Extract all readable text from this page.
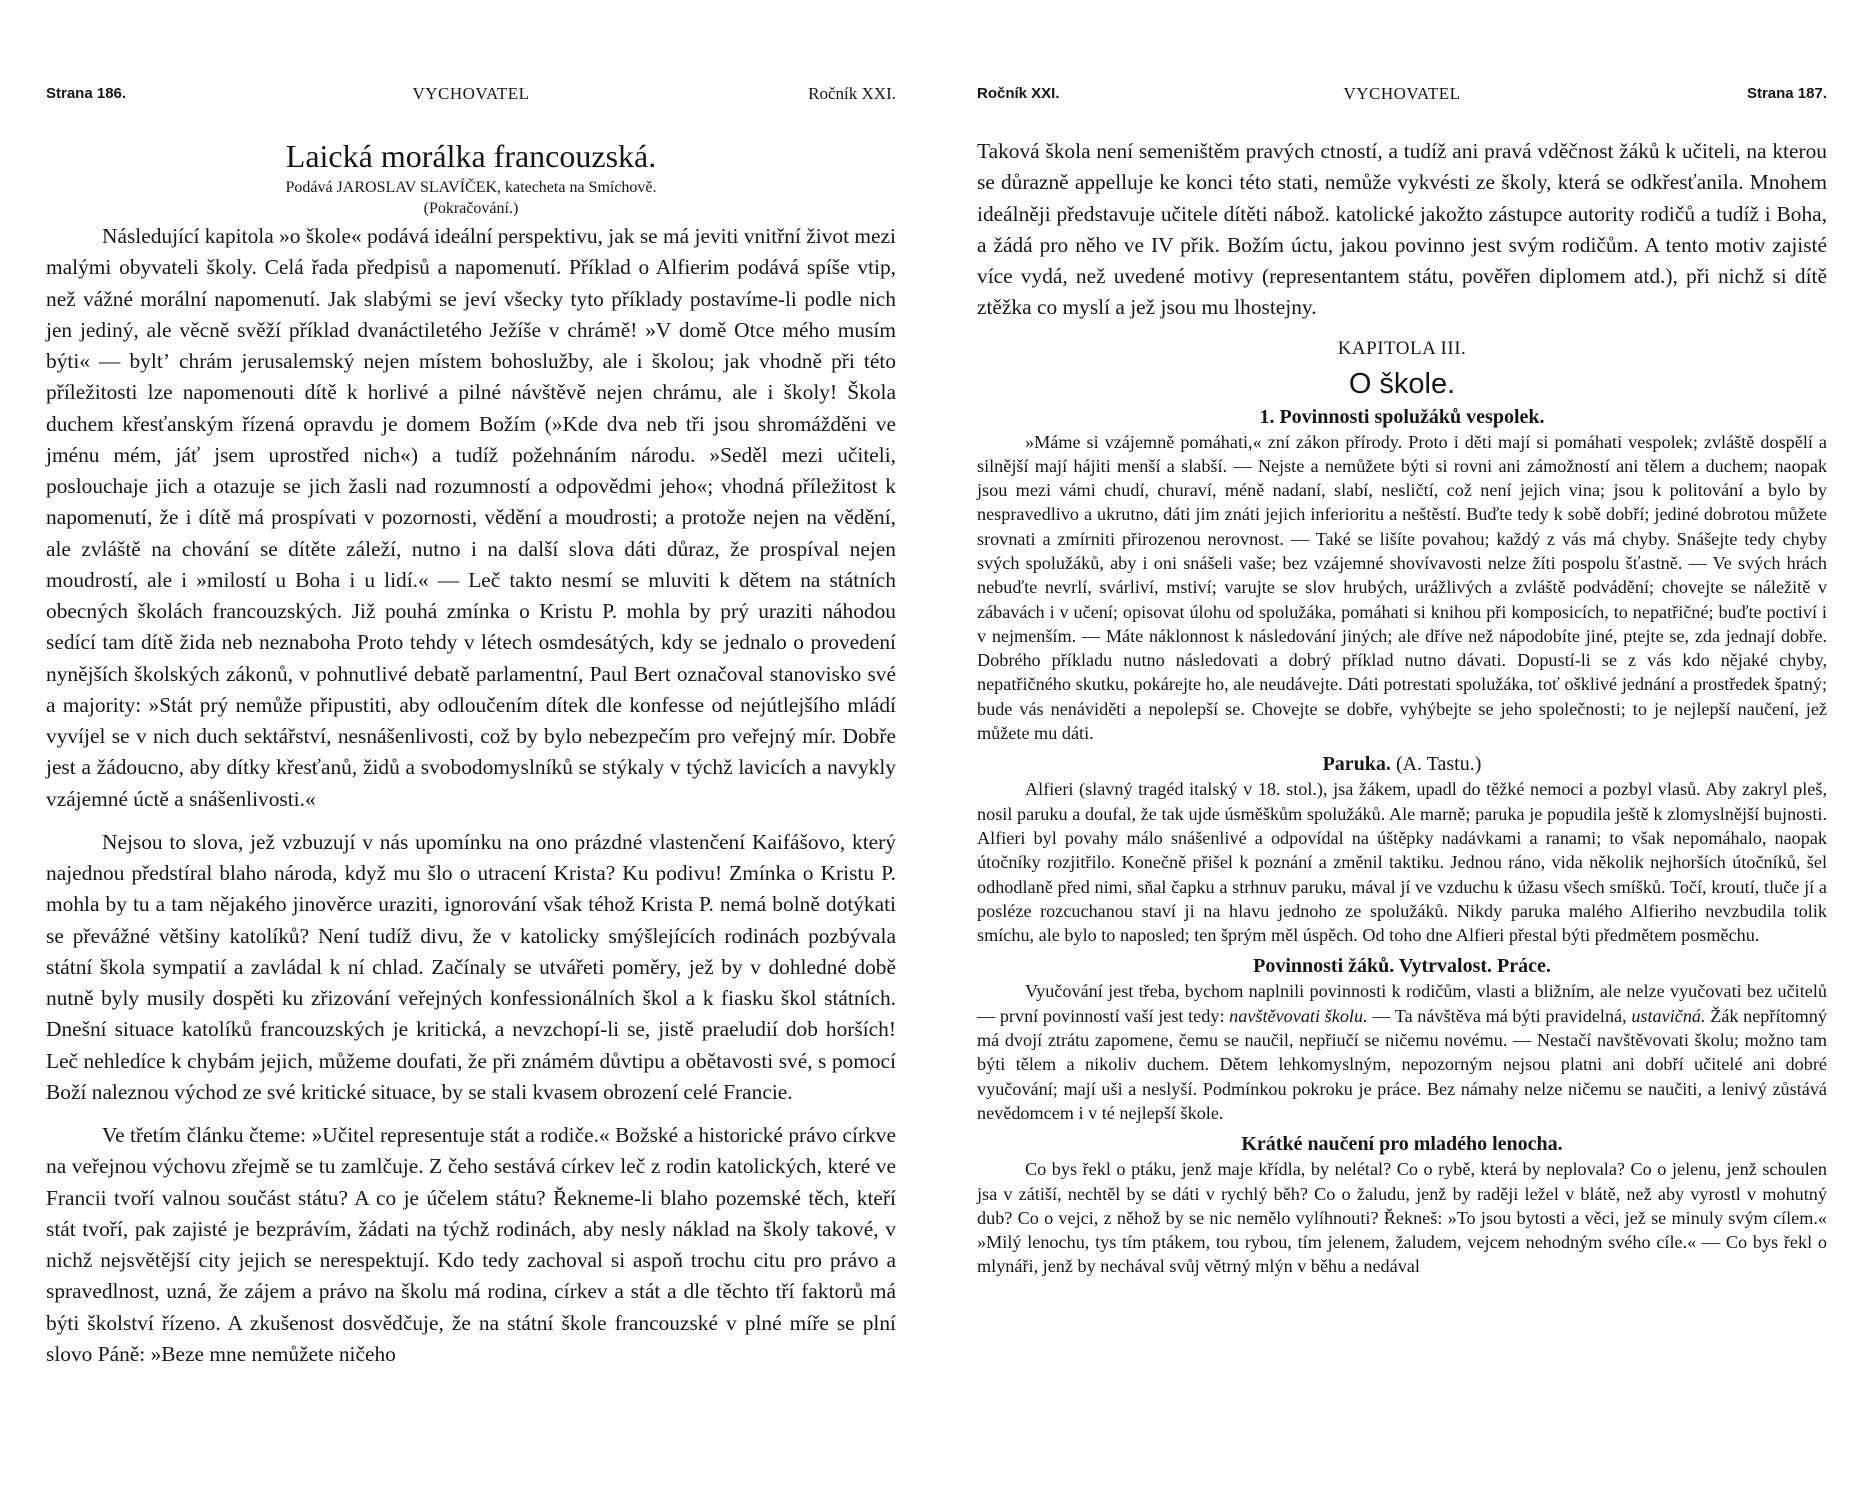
Strana 186.	VYCHOVATEL	Ročník XXI.
Laická morálka francouzská.

Podává JAROSLAV SLAVÍČEK, katecheta na Smíchově.

(Pokračování.)

Následující kapitola »o škole« podává ideální perspektivu, jak se má jeviti vnitřní život mezi malými obyvateli školy. Celá řada předpisů a napomenutí. Příklad o Alfierim podává spíše vtip, než vážné morální napomenutí. Jak slabými se jeví všecky tyto příklady postavíme-li podle nich jen jediný, ale věcně svěží příklad dvanáctiletého Ježíše v chrámě! »V domě Otce mého musím býti« — byltʼ chrám jerusalemský nejen místem bohoslužby, ale i školou; jak vhodně při této příležitosti lze napomenouti dítě k horlivé a pilné návštěvě nejen chrámu, ale i školy! Škola duchem křesťanským řízená opravdu je domem Božím (»Kde dva neb tři jsou shromážděni ve jménu mém, jáť jsem uprostřed nich«) a tudíž požehnáním národu. »Seděl mezi učiteli, poslouchaje jich a otazuje se jich žasli nad rozumností a odpovědmi jeho«; vhodná příležitost k napomenutí, že i dítě má prospívati v pozornosti, vědění a moudrosti; a protože nejen na vědění, ale zvláště na chování se dítěte záleží, nutno i na další slova dáti důraz, že prospíval nejen moudrostí, ale i »milostí u Boha i u lidí.« — Leč takto nesmí se mluviti k dětem na státních obecných školách francouzských. Již pouhá zmínka o Kristu P. mohla by prý uraziti náhodou sedící tam dítě žida neb neznaboha Proto tehdy v létech osmdesátých, kdy se jednalo o provedení nynějších školských zákonů, v pohnutlivé debatě parlamentní, Paul Bert označoval stanovisko své a majority: »Stát prý nemůže připustiti, aby odloučením dítek dle konfesse od nejútlejšího mládí vyvíjel se v nich duch sektářství, nesnášenlivosti, což by bylo nebezpečím pro veřejný mír. Dobře jest a žádoucno, aby dítky křesťanů, židů a svobodomyslníků se stýkaly v týchž lavicích a navykly vzájemné úctě a snášenlivosti.«

Nejsou to slova, jež vzbuzují v nás upomínku na ono prázdné vlastenčení Kaifášovo, který najednou předstíral blaho národa, když mu šlo o utracení Krista? Ku podivu! Zmínka o Kristu P. mohla by tu a tam nějakého jinověrce uraziti, ignorování však téhož Krista P. nemá bolně dotýkati se převážné většiny katolíků? Není tudíž divu, že v katolicky smýšlejících rodinách pozbývala státní škola sympatií a zavládal k ní chlad. Začínaly se utvářeti poměry, jež by v dohledné době nutně byly musily dospěti ku zřizování veřejných konfessionálních škol a k fiasku škol státních. Dnešní situace katolíků francouzských je kritická, a nevzchopí-li se, jistě praeludií dob horších! Leč nehledíce k chybám jejich, můžeme doufati, že při známém důvtipu a obětavosti své, s pomocí Boží naleznou východ ze své kritické situace, by se stali kvasem obrození celé Francie.

Ve třetím článku čteme: »Učitel representuje stát a rodiče.« Božské a historické právo církve na veřejnou výchovu zřejmě se tu zamlčuje. Z čeho sestává církev leč z rodin katolických, které ve Francii tvoří valnou součást státu? A co je účelem státu? Řekneme-li blaho pozemské těch, kteří stát tvoří, pak zajisté je bezprávím, žádati na týchž rodinách, aby nesly náklad na školy takové, v nichž nejsvětější city jejich se nerespektují. Kdo tedy zachoval si aspoň trochu citu pro právo a spravedlnost, uzná, že zájem a právo na školu má rodina, církev a stát a dle těchto tří faktorů má býti školství řízeno. A zkušenost dosvědčuje, že na státní škole francouzské v plné míře se plní slovo Páně: »Beze mne nemůžete ničeho

Ročník XXI.	VYCHOVATEL	Strana 187.

Taková škola není semeništěm pravých ctností, a tudíž ani pravá vděčnost žáků k učiteli, na kterou se důrazně appelluje ke konci této stati, nemůže vykvésti ze školy, která se odkřesťanila. Mnohem ideálněji představuje učitele dítěti nábož. katolické jakožto zástupce autority rodičů a tudíž i Boha, a žádá pro něho ve IV přik. Božím úctu, jakou povinno jest svým rodičům. A tento motiv zajisté více vydá, než uvedené motivy (representantem státu, pověřen diplomem atd.), při nichž si dítě ztěžka co myslí a jež jsou mu lhostejny.

KAPITOLA III.

O škole.
1. Povinnosti spolužáků vespolek.

»Máme si vzájemně pomáhati,« zní zákon přírody. Proto i děti mají si pomáhati vespolek; zvláště dospělí a silnější mají hájiti menší a slabší. — Nejste a nemůžete býti si rovni ani zámožností ani tělem a duchem; naopak jsou mezi vámi chudí, churaví, méně nadaní, slabí, nesličtí, což není jejich vina; jsou k politování a bylo by nespravedlivo a ukrutno, dáti jim znáti jejich inferioritu a neštěstí. Buďte tedy k sobě dobří; jediné dobrotou můžete srovnati a zmírniti přirozenou nerovnost. — Také se lišíte povahou; každý z vás má chyby. Snášejte tedy chyby svých spolužáků, aby i oni snášeli vaše; bez vzájemné shovívavosti nelze žíti pospolu šťastně. — Ve svých hrách nebuďte nevrlí, svárliví, mstiví; varujte se slov hrubých, urážlivých a zvláště podvádění; chovejte se náležitě v zábavách i v učení; opisovat úlohu od spolužáka, pomáhati si knihou při komposicích, to nepatřičné; buďte poctiví i v nejmenším. — Máte náklonnost k následování jiných; ale dříve než nápodobíte jiné, ptejte se, zda jednají dobře. Dobrého příkladu nutno následovati a dobrý příklad nutno dávati. Dopustí-li se z vás kdo nějaké chyby, nepatřičného skutku, pokárejte ho, ale neudávejte. Dáti potrestati spolužáka, toť ošklivé jednání a prostředek špatný; bude vás nenáviděti a nepolepší se. Chovejte se dobře, vyhýbejte se jeho společnosti; to je nejlepší naučení, jež můžete mu dáti.

Paruka. (A. Tastu.)

Alfieri (slavný tragéd italský v 18. stol.), jsa žákem, upadl do těžké nemoci a pozbyl vlasů. Aby zakryl pleš, nosil paruku a doufal, že tak ujde úsměškům spolužáků. Ale marně; paruka je popudila ještě k zlomyslnější bujnosti. Alfieri byl povahy málo snášenlivé a odpovídal na úštěpky nadávkami a ranami; to však nepomáhalo, naopak útočníky rozjitřilo. Konečně přišel k poznání a změnil taktiku. Jednou ráno, vida několik nejhorších útočníků, šel odhodlaně před nimi, sňal čapku a strhnuv paruku, mával jí ve vzduchu k úžasu všech smíšků. Točí, kroutí, tluče jí a posléze rozcuchanou staví ji na hlavu jednoho ze spolužáků. Nikdy paruka malého Alfieriho nevzbudila tolik smíchu, ale bylo to naposled; ten šprým měl úspěch. Od toho dne Alfieri přestal býti předmětem posměchu.

Povinnosti žáků. Vytrvalost. Práce.

Vyučování jest třeba, bychom naplnili povinnosti k rodičům, vlasti a bližním, ale nelze vyučovati bez učitelů — první povinností vaší jest tedy: navštěvovati školu. — Ta návštěva má býti pravidelná, ustavičná. Žák nepřítomný má dvojí ztrátu zapomene, čemu se naučil, nepřiučí se ničemu novému. — Nestačí navštěvovati školu; možno tam býti tělem a nikoliv duchem. Dětem lehkomyslným, nepozorným nejsou platni ani dobří učitelé ani dobré vyučování; mají uši a neslyší. Podmínkou pokroku je práce. Bez námahy nelze ničemu se naučiti, a lenivý zůstává nevědomcem i v té nejlepší škole.

Krátké naučení pro mladého lenocha.

Co bys řekl o ptáku, jenž maje křídla, by nelétal? Co o rybě, která by neplovala? Co o jelenu, jenž schoulen jsa v zátiší, nechtěl by se dáti v rychlý běh? Co o žaludu, jenž by raději ležel v blátě, než aby vyrostl v mohutný dub? Co o vejci, z něhož by se nic nemělo vylíhnouti? Řekneš: »To jsou bytosti a věci, jež se minuly svým cílem.« »Milý lenochu, tys tím ptákem, tou rybou, tím jelenem, žaludem, vejcem nehodným svého cíle.« — Co bys řekl o mlynáři, jenž by nechával svůj větrný mlýn v běhu a nedával
